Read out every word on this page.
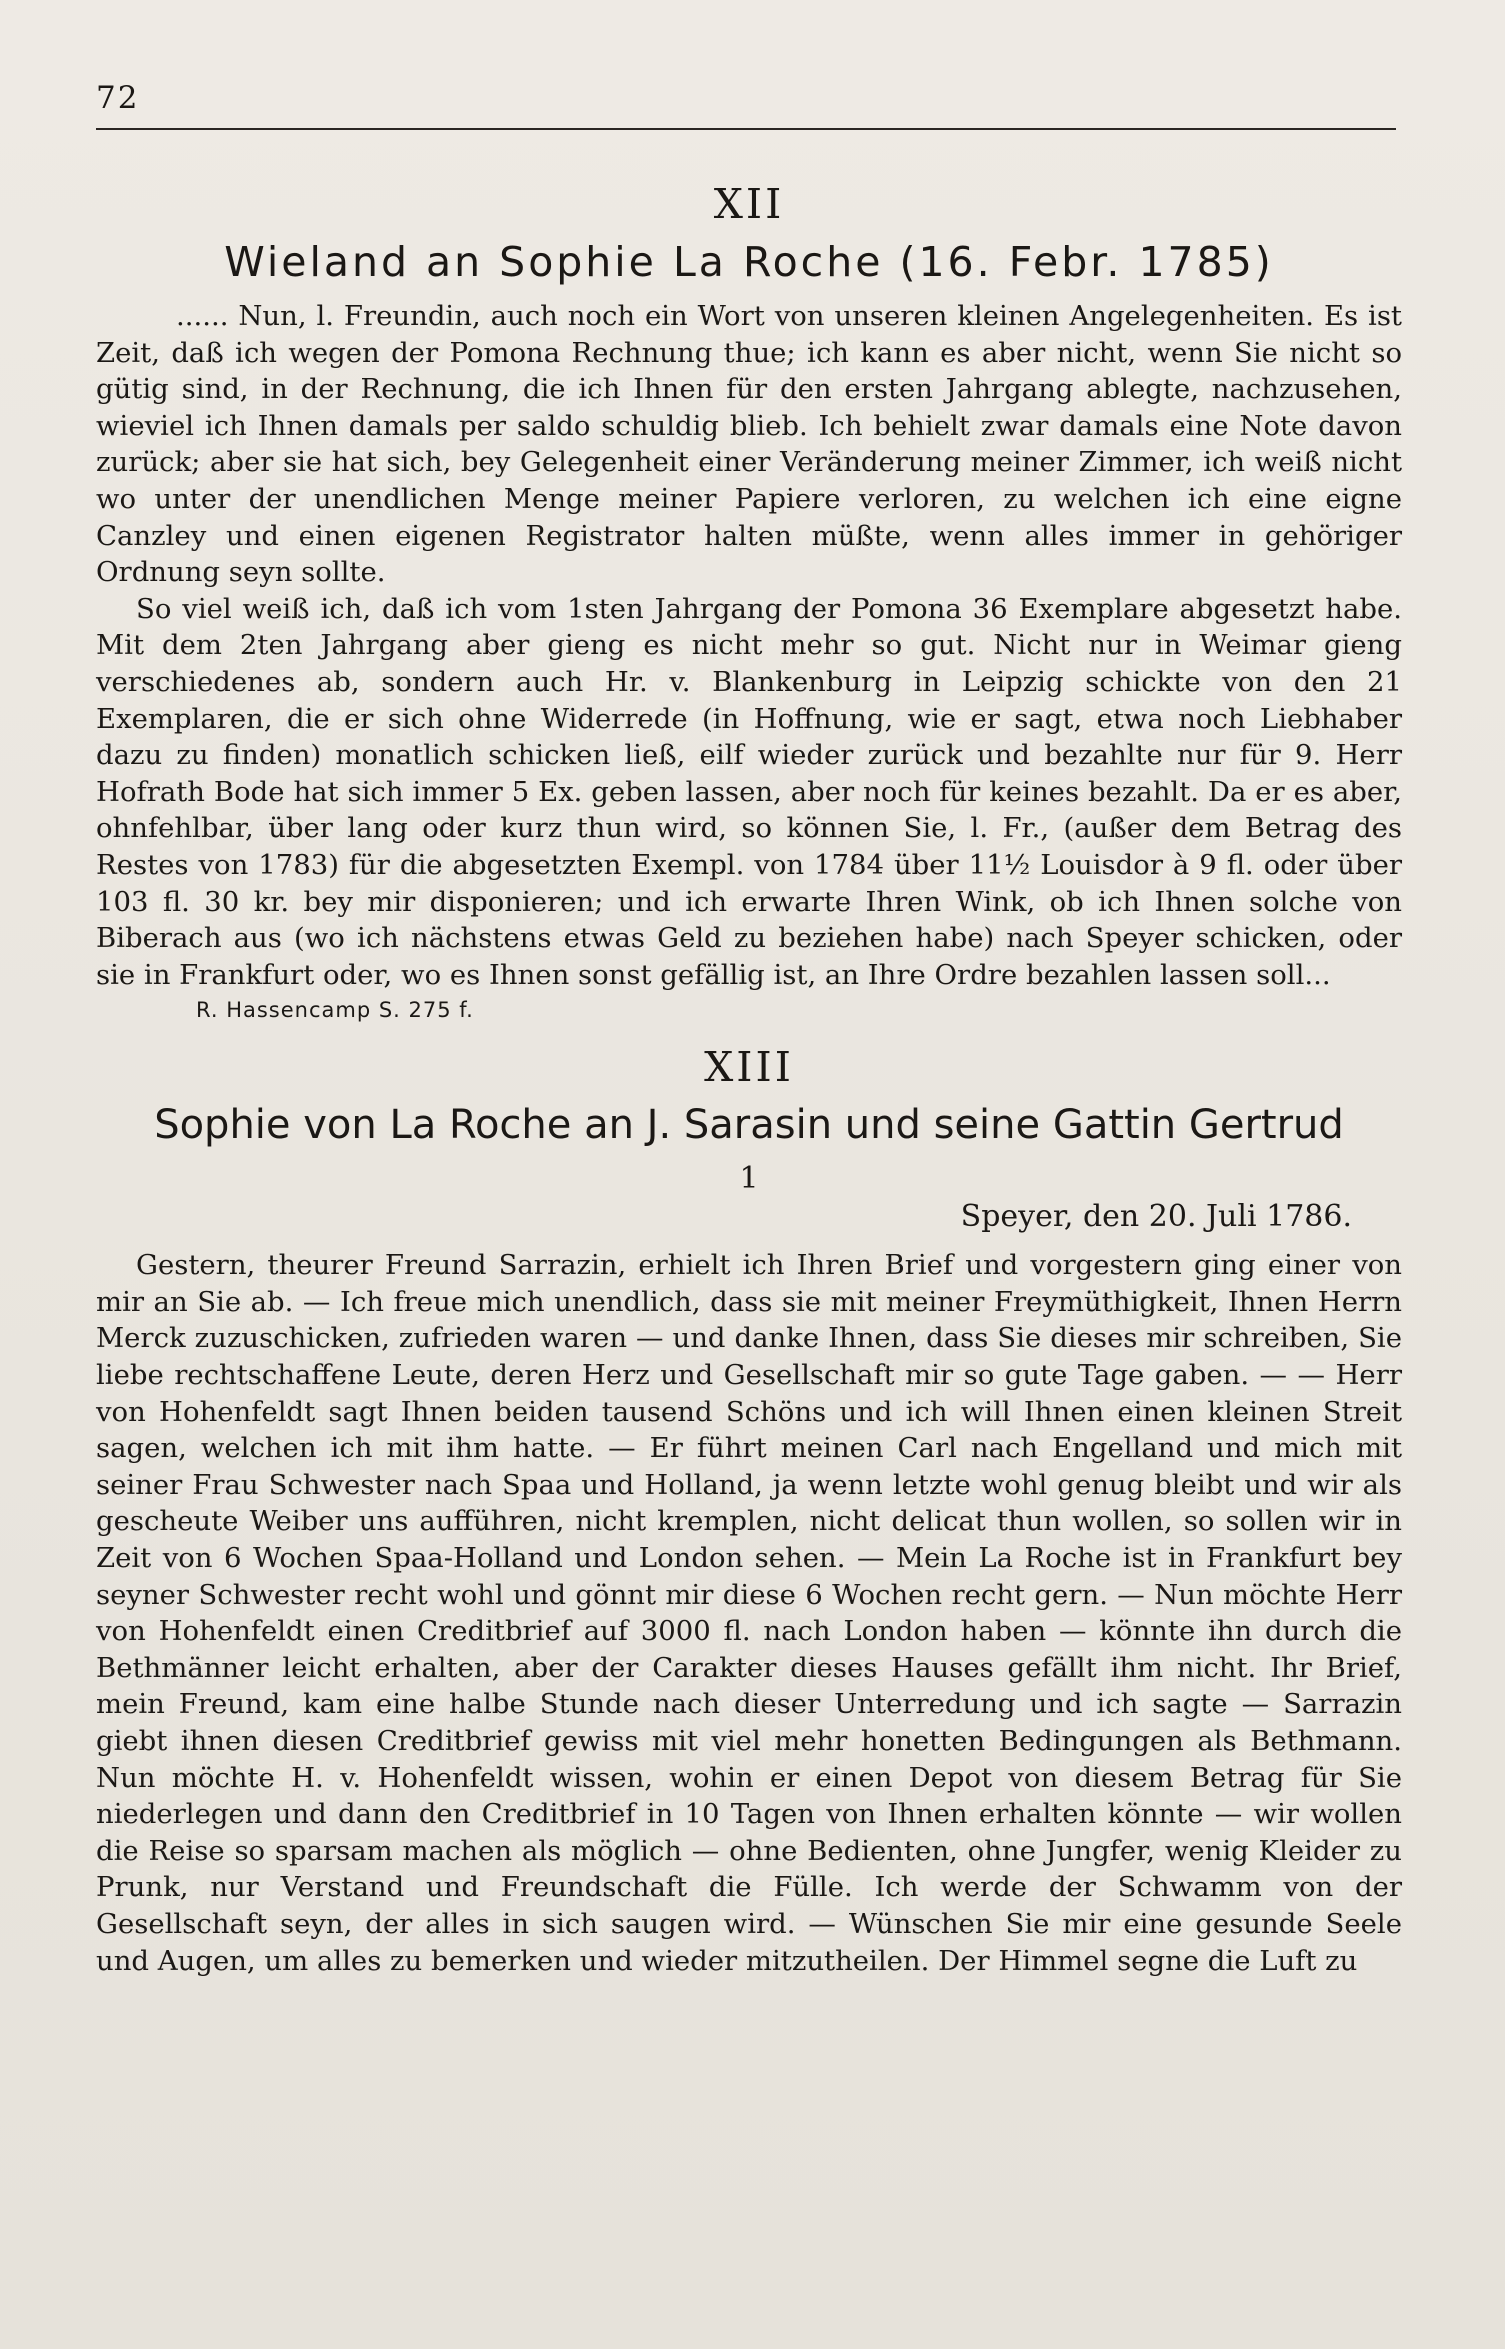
72
XII
Wieland an Sophie La Roche (16. Febr. 1785)

...... Nun, l. Freundin, auch noch ein Wort von unseren kleinen Angelegenheiten. Es ist Zeit, daß ich wegen der Pomona Rechnung thue; ich kann es aber nicht, wenn Sie nicht so gütig sind, in der Rechnung, die ich Ihnen für den ersten Jahrgang ablegte, nachzusehen, wieviel ich Ihnen damals per saldo schuldig blieb. Ich behielt zwar damals eine Note davon zurück; aber sie hat sich, bey Gelegenheit einer Veränderung meiner Zimmer, ich weiß nicht wo unter der unendlichen Menge meiner Papiere verloren, zu welchen ich eine eigne Canzley und einen eigenen Registrator halten müßte, wenn alles immer in gehöriger Ordnung seyn sollte.

So viel weiß ich, daß ich vom 1sten Jahrgang der Pomona 36 Exemplare abgesetzt habe. Mit dem 2ten Jahrgang aber gieng es nicht mehr so gut. Nicht nur in Weimar gieng verschiedenes ab, sondern auch Hr. v. Blankenburg in Leipzig schickte von den 21 Exemplaren, die er sich ohne Widerrede (in Hoffnung, wie er sagt, etwa noch Liebhaber dazu zu finden) monatlich schicken ließ, eilf wieder zurück und bezahlte nur für 9. Herr Hofrath Bode hat sich immer 5 Ex. geben lassen, aber noch für keines bezahlt. Da er es aber, ohnfehlbar, über lang oder kurz thun wird, so können Sie, l. Fr., (außer dem Betrag des Restes von 1783) für die abgesetzten Exempl. von 1784 über 11½ Louisdor à 9 fl. oder über 103 fl. 30 kr. bey mir disponieren; und ich erwarte Ihren Wink, ob ich Ihnen solche von Biberach aus (wo ich nächstens etwas Geld zu beziehen habe) nach Speyer schicken, oder sie in Frankfurt oder, wo es Ihnen sonst gefällig ist, an Ihre Ordre bezahlen lassen soll...

R. Hassencamp S. 275 f.
XIII
Sophie von La Roche an J. Sarasin und seine Gattin Gertrud
1
Speyer, den 20. Juli 1786.

Gestern, theurer Freund Sarrazin, erhielt ich Ihren Brief und vorgestern ging einer von mir an Sie ab. — Ich freue mich unendlich, dass sie mit meiner Freymüthigkeit, Ihnen Herrn Merck zuzuschicken, zufrieden waren — und danke Ihnen, dass Sie dieses mir schreiben, Sie liebe rechtschaffene Leute, deren Herz und Gesellschaft mir so gute Tage gaben. — — Herr von Hohenfeldt sagt Ihnen beiden tausend Schöns und ich will Ihnen einen kleinen Streit sagen, welchen ich mit ihm hatte. — Er führt meinen Carl nach Engelland und mich mit seiner Frau Schwester nach Spaa und Holland, ja wenn letzte wohl genug bleibt und wir als gescheute Weiber uns aufführen, nicht kremplen, nicht delicat thun wollen, so sollen wir in Zeit von 6 Wochen Spaa-Holland und London sehen. — Mein La Roche ist in Frankfurt bey seyner Schwester recht wohl und gönnt mir diese 6 Wochen recht gern. — Nun möchte Herr von Hohenfeldt einen Creditbrief auf 3000 fl. nach London haben — könnte ihn durch die Bethmänner leicht erhalten, aber der Carakter dieses Hauses gefällt ihm nicht. Ihr Brief, mein Freund, kam eine halbe Stunde nach dieser Unterredung und ich sagte — Sarrazin giebt ihnen diesen Creditbrief gewiss mit viel mehr honetten Bedingungen als Bethmann. Nun möchte H. v. Hohenfeldt wissen, wohin er einen Depot von diesem Betrag für Sie niederlegen und dann den Creditbrief in 10 Tagen von Ihnen erhalten könnte — wir wollen die Reise so sparsam machen als möglich — ohne Bedienten, ohne Jungfer, wenig Kleider zu Prunk, nur Verstand und Freundschaft die Fülle. Ich werde der Schwamm von der Gesellschaft seyn, der alles in sich saugen wird. — Wünschen Sie mir eine gesunde Seele und Augen, um alles zu bemerken und wieder mitzutheilen. Der Himmel segne die Luft zu
